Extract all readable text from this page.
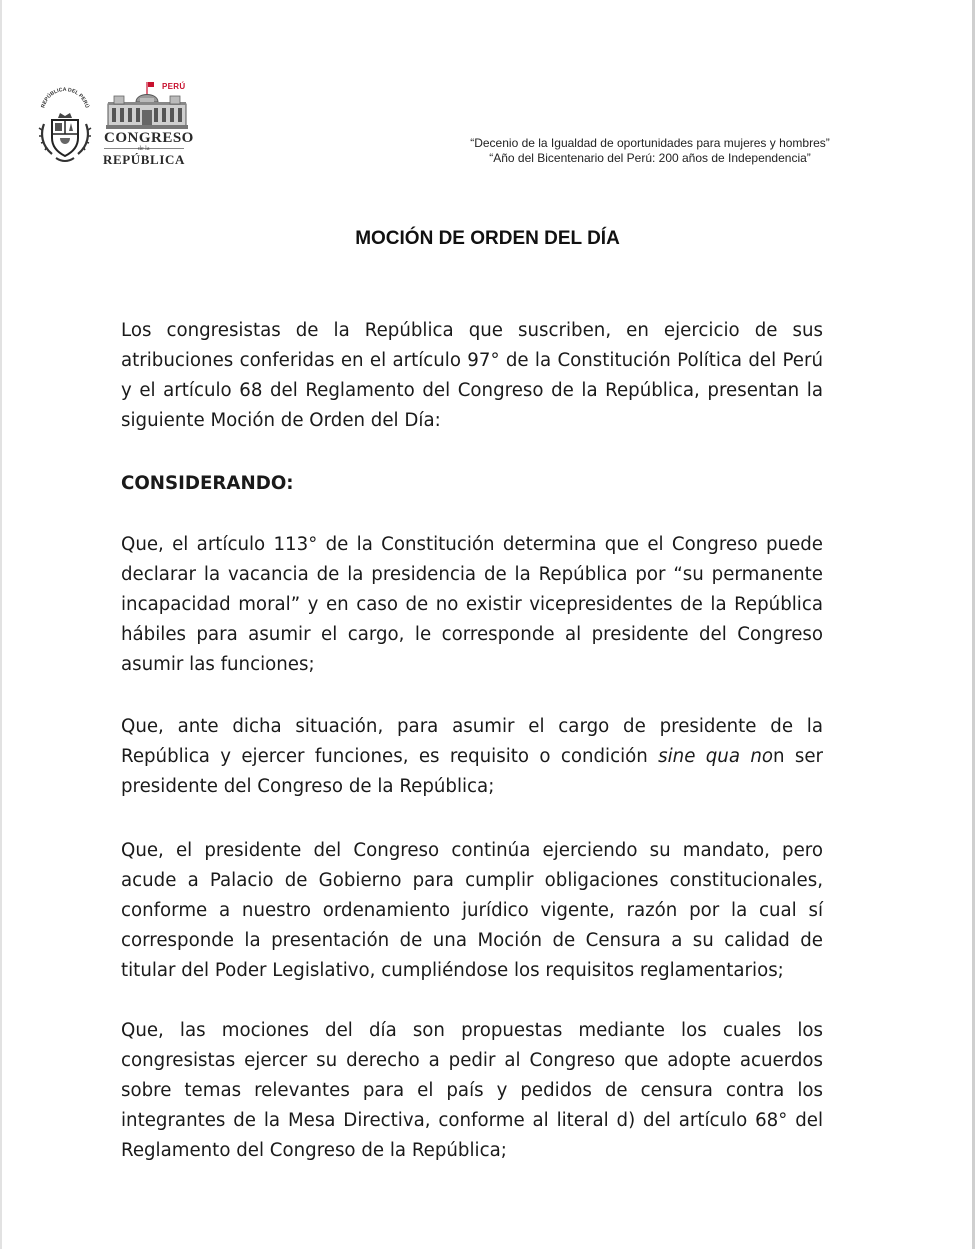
REPÚBLICA DEL PERÚ
PERÚ
CONGRESO
de la
REPÚBLICA
“Decenio de la Igualdad de oportunidades para mujeres y hombres”
“Año del Bicentenario del Perú: 200 años de Independencia”
MOCIÓN DE ORDEN DEL DÍA

Los congresistas de la República que suscriben, en ejercicio de sus atribuciones conferidas en el artículo 97° de la Constitución Política del Perú y el artículo 68 del Reglamento del Congreso de la República, presentan la siguiente Moción de Orden del Día:

CONSIDERANDO:

Que, el artículo 113° de la Constitución determina que el Congreso puede declarar la vacancia de la presidencia de la República por “su permanente incapacidad moral” y en caso de no existir vicepresidentes de la República hábiles para asumir el cargo, le corresponde al presidente del Congreso asumir las funciones;

Que, ante dicha situación, para asumir el cargo de presidente de la República y ejercer funciones, es requisito o condición sine qua non ser presidente del Congreso de la República;

Que, el presidente del Congreso continúa ejerciendo su mandato, pero acude a Palacio de Gobierno para cumplir obligaciones constitucionales, conforme a nuestro ordenamiento jurídico vigente, razón por la cual sí corresponde la presentación de una Moción de Censura a su calidad de titular del Poder Legislativo, cumpliéndose los requisitos reglamentarios;

Que, las mociones del día son propuestas mediante los cuales los congresistas ejercer su derecho a pedir al Congreso que adopte acuerdos sobre temas relevantes para el país y pedidos de censura contra los integrantes de la Mesa Directiva, conforme al literal d) del artículo 68° del Reglamento del Congreso de la República;
